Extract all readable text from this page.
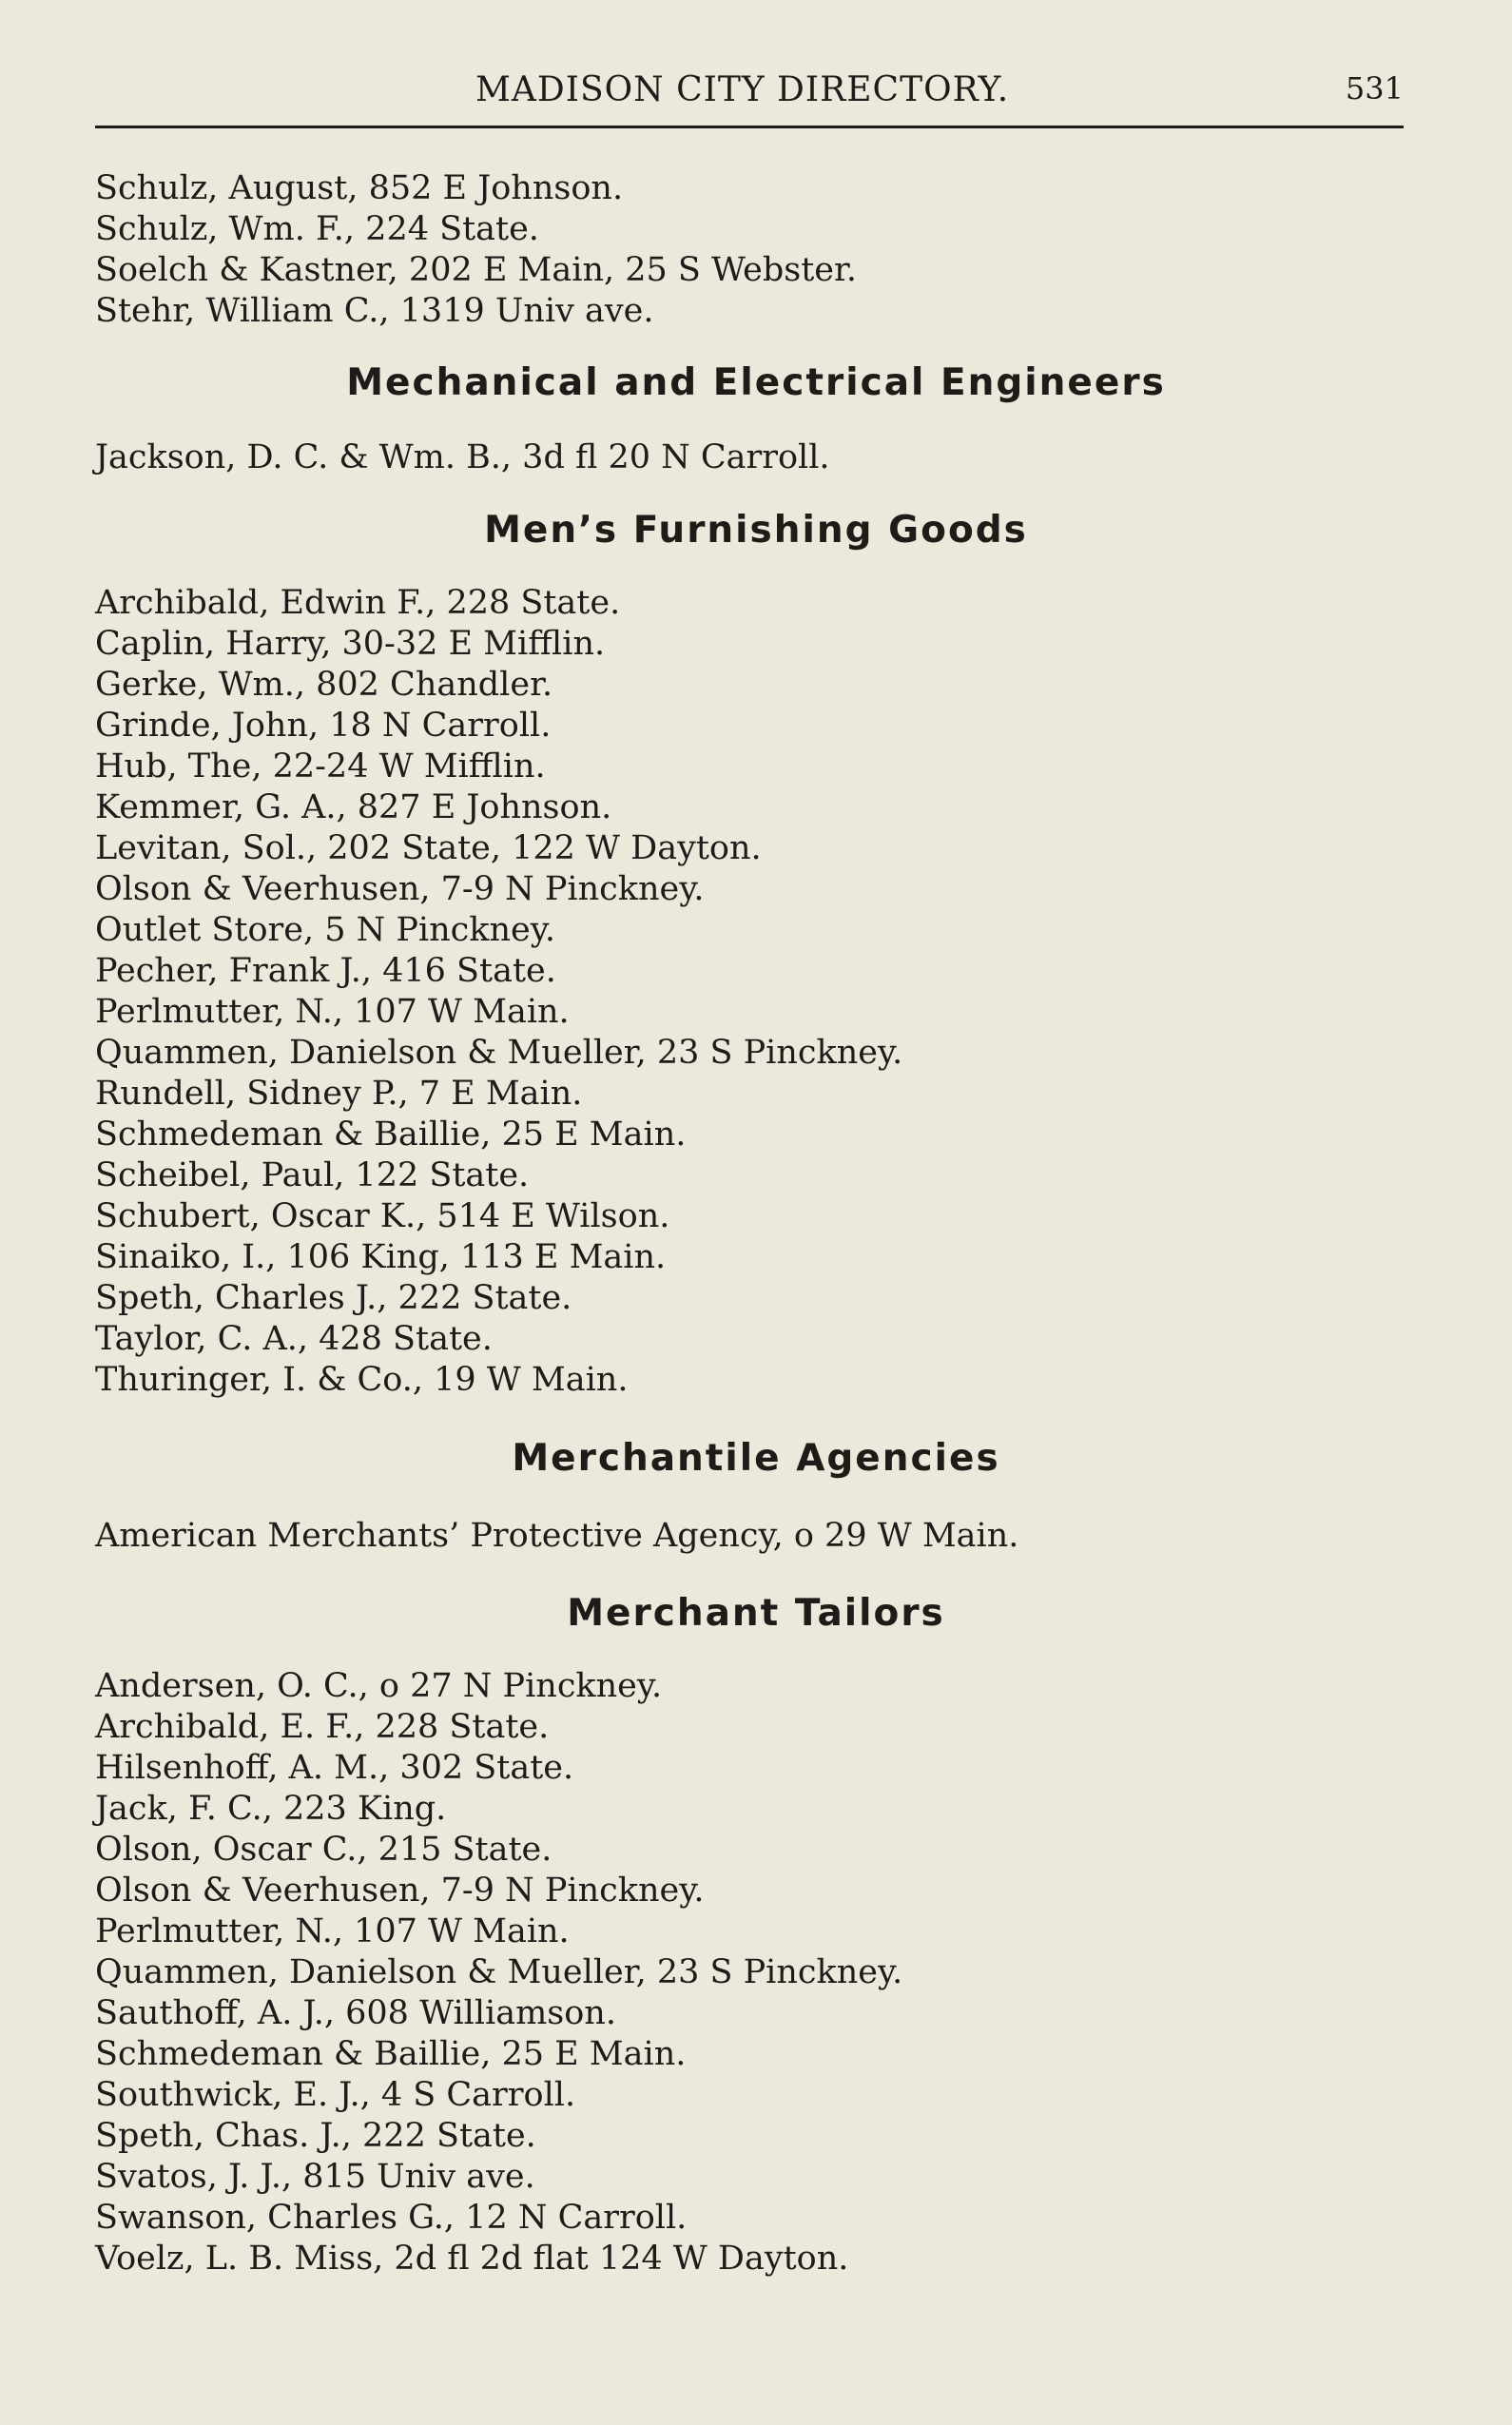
MADISON CITY DIRECTORY.	531
Schulz, August, 852 E Johnson.
Schulz, Wm. F., 224 State.
Soelch & Kastner, 202 E Main, 25 S Webster.
Stehr, William C., 1319 Univ ave.
Mechanical and Electrical Engineers
Jackson, D. C. & Wm. B., 3d fl 20 N Carroll.
Men’s Furnishing Goods
Archibald, Edwin F., 228 State.
Caplin, Harry, 30-32 E Mifflin.
Gerke, Wm., 802 Chandler.
Grinde, John, 18 N Carroll.
Hub, The, 22-24 W Mifflin.
Kemmer, G. A., 827 E Johnson.
Levitan, Sol., 202 State, 122 W Dayton.
Olson & Veerhusen, 7-9 N Pinckney.
Outlet Store, 5 N Pinckney.
Pecher, Frank J., 416 State.
Perlmutter, N., 107 W Main.
Quammen, Danielson & Mueller, 23 S Pinckney.
Rundell, Sidney P., 7 E Main.
Schmedeman & Baillie, 25 E Main.
Scheibel, Paul, 122 State.
Schubert, Oscar K., 514 E Wilson.
Sinaiko, I., 106 King, 113 E Main.
Speth, Charles J., 222 State.
Taylor, C. A., 428 State.
Thuringer, I. & Co., 19 W Main.
Merchantile Agencies
American Merchants’ Protective Agency, o 29 W Main.
Merchant Tailors
Andersen, O. C., o 27 N Pinckney.
Archibald, E. F., 228 State.
Hilsenhoff, A. M., 302 State.
Jack, F. C., 223 King.
Olson, Oscar C., 215 State.
Olson & Veerhusen, 7-9 N Pinckney.
Perlmutter, N., 107 W Main.
Quammen, Danielson & Mueller, 23 S Pinckney.
Sauthoff, A. J., 608 Williamson.
Schmedeman & Baillie, 25 E Main.
Southwick, E. J., 4 S Carroll.
Speth, Chas. J., 222 State.
Svatos, J. J., 815 Univ ave.
Swanson, Charles G., 12 N Carroll.
Voelz, L. B. Miss, 2d fl 2d flat 124 W Dayton.
